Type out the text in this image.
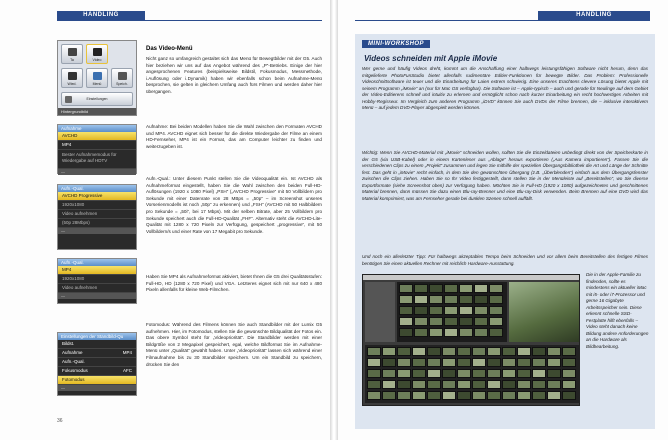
HANDLING
36
Ta	Video
Wied.	Menü	Speich.
Einstellungen
Hintergrundbild
Aufnahme
AVCHD
MP4
Bester Aufnahmemodus für Wiedergabe auf HDTV
—
Aufn.-Qual.
AVCHD Progressive
1920x1080
Video aufnehmen
(50p 28Mbps)
—
Aufn.-Qual.
MP4
1920x1080
Video aufnehmen
—
Einstellungen der Standbild-Qu
Bildst.
Aufnahme	MP4
Aufn.-Qual.
Fokusmodus	AFC
Fotomodus
—
Das Video-Menü
Nicht ganz so umfangreich gestaltet sich das Menü für Bewegtbilder mit der G5. Auch hier beziehen wir uns auf das Angebot während des „P“-Betriebs. Einige der hier angesprochenen Features (beispielsweise Bildstil, Fokusmodus, Messmethode, i.Auflösung oder i.Dynamik) haben wir ebenfalls schon beim Aufnahme-Menü besprochen, sie gelten in gleichem Umfang auch fürs Filmen und werden daher hier übergangen.
Aufnahme: Bei beiden Modellen haben Sie die Wahl zwischen den Formaten AVCHD und MP4. AVCHD eignet sich besser für die direkte Wiedergabe der Filme an einem HD-Fernseher, MP4 ist ein Format, das am Computer leichter zu finden und weiterzugeben ist.
Aufn.-Qual.: Unter diesem Punkt stellen Sie die Videoqualität ein. Ist AVCHD als Aufnahmeformat eingestellt, haben Sie die Wahl zwischen den beiden Full-HD-Auflösungen (1920 x 1080 Pixel) „PSH“ („AVCHD Progressive“ mit 50 Vollbildern pro Sekunde mit einer Datenrate von 28 MBps = „50p“ – im Screenshot unseres Vorserienmodells ist noch „50p“ zu erkennen) und „FSH“ (AVCHD mit 50 Halbbildern pro Sekunde = „50i“, bei 17 Mbps). Mit der selben Bitrate, aber 25 Vollbildern pro Sekunde speichert auch die Full-HD-Qualität „FHF“. Alternativ steht die AVCHD-Lite-Qualität mit 1280 x 720 Pixeln zur Verfügung, gespeichert „progressive“, mit 50 Vollbildern/s und einer Rate von 17 Megabit pro Sekunde.
Haben Sie MP4 als Aufnahmeformat aktiviert, bietet Ihnen die G5 drei Qualitätsstufen: Full-HD, HD (1280 x 720 Pixel) und VGA. Letzteres eignet sich mit nur 640 x 480 Pixeln allenfalls für kleine Web-Filmchen.
Fotomodus: Während des Filmens können Sie auch Standbilder mit der Lumix G5 aufnehmen. Hier, im Fotomodus, stellen Sie die gewünschte Bildqualität der Fotos ein. Das obere Symbol steht für „Videopriorität“. Die Standbilder werden mit einer Bildgröße von 2 Megapixel gespeichert, egal, welche Bildformat Sie im Aufnahme-Menü unter „Qualität“ gewählt haben. Unter „Videopriorität“ lassen sich während einer Filmaufnahme bis zu 30 Standbilder speichern. Um ein Standbild zu speichern, drücken Sie den
HANDLING
MINI-WORKSHOP
Videos schneiden mit Apple iMovie
Wer gerne und häufig Videos dreht, kommt um die Anschaffung einer halbwegs leistungsfähigen Software nicht herum, denn das mitgelieferte PhotoFunStudio bietet allenfalls rudimentäre Editier-Funktionen für bewegte Bilder. Das Problem: Professionelle Videoschnittsoftware ist teuer und die Einarbeitung für Laien extrem schwierig. Eine unseres Erachtens clevere Lösung bietet Apple mit seinem Programm „iMovie“ an (nur für Mac OS verfügbar). Die Software ist – Apple-typisch – auch und gerade für Neulinge auf dem Gebiet der Video-Editierens schnell und intuitiv zu erlernen und ermöglicht schon nach kurzer Einarbeitung ein recht hochwertiges Arbeiten mit Hobby-Regisseur. Im Vergleich zum anderen Programm „iDVD“ können Sie auch DVDs der Filme brennen, die – inklusive interaktivem Menü – auf jedem DVD-Player abgespielt werden können.
Wichtig: Wenn Sie AVCHD-Material mit „iMovie“ schneiden wollen, sollten Sie die Einzeldateien unbedingt direkt von der Speicherkarte in der G5 (via USB-Kabel) oder in einem Kartenleser aus „Ablage“ heraus exportieren („Aus Kamera importieren“). Fassen Sie die verschiedenen Clips zu einem „Projekt“ zusammen und legen Sie mithilfe der speziellen Übergangsbibliothek die Art und Länge der Schnitte fest. Das geht in „iMovie“ recht einfach, in dem Sie den gewünschten Übergang (z.B. „Überblenden“) einfach aus dem Übergangsfenster zwischen die Clips ziehen. Haben Sie so Ihr Video fertiggestellt, dann stellen Sie in der Menüleiste auf „Bereitstellen“, wo Sie diverse Exportformate (siehe Screenshot oben) zur Verfügung haben. Möchten Sie in Full-HD (1920 x 1080) aufgezeichnetes und geschnittenes Material brennen, dann müssen Sie dazu einen Blu-ray-Brenner und eine Blu-ray-Disk verwenden. Beim Brennen auf eine DVD wird das Material komprimiert, was am Fernseher gerade bei dunklen Szenen schnell auffällt.
Und noch ein allerletzter Tipp: Für halbwegs akzeptables Tempo beim Schneiden und vor allem beim Bereitstellen des fertigen Filmes benötigen Sie einen aktuellen Rechner mit reichlich Hardware-Ausstattung.
Die in der Apple-Familie zu findenden, sollte es mindestens ein aktueller iMac mit i5- oder i7-Prozessor und gerne 16 Gigabyte Arbeitsspeicher sein. Diese erkennt schnelle SSD-Festplatte hilft ebenfalls – Video steht danach keine Bildung andere Anforderungen an die Hardware als Bildbearbeitung.
